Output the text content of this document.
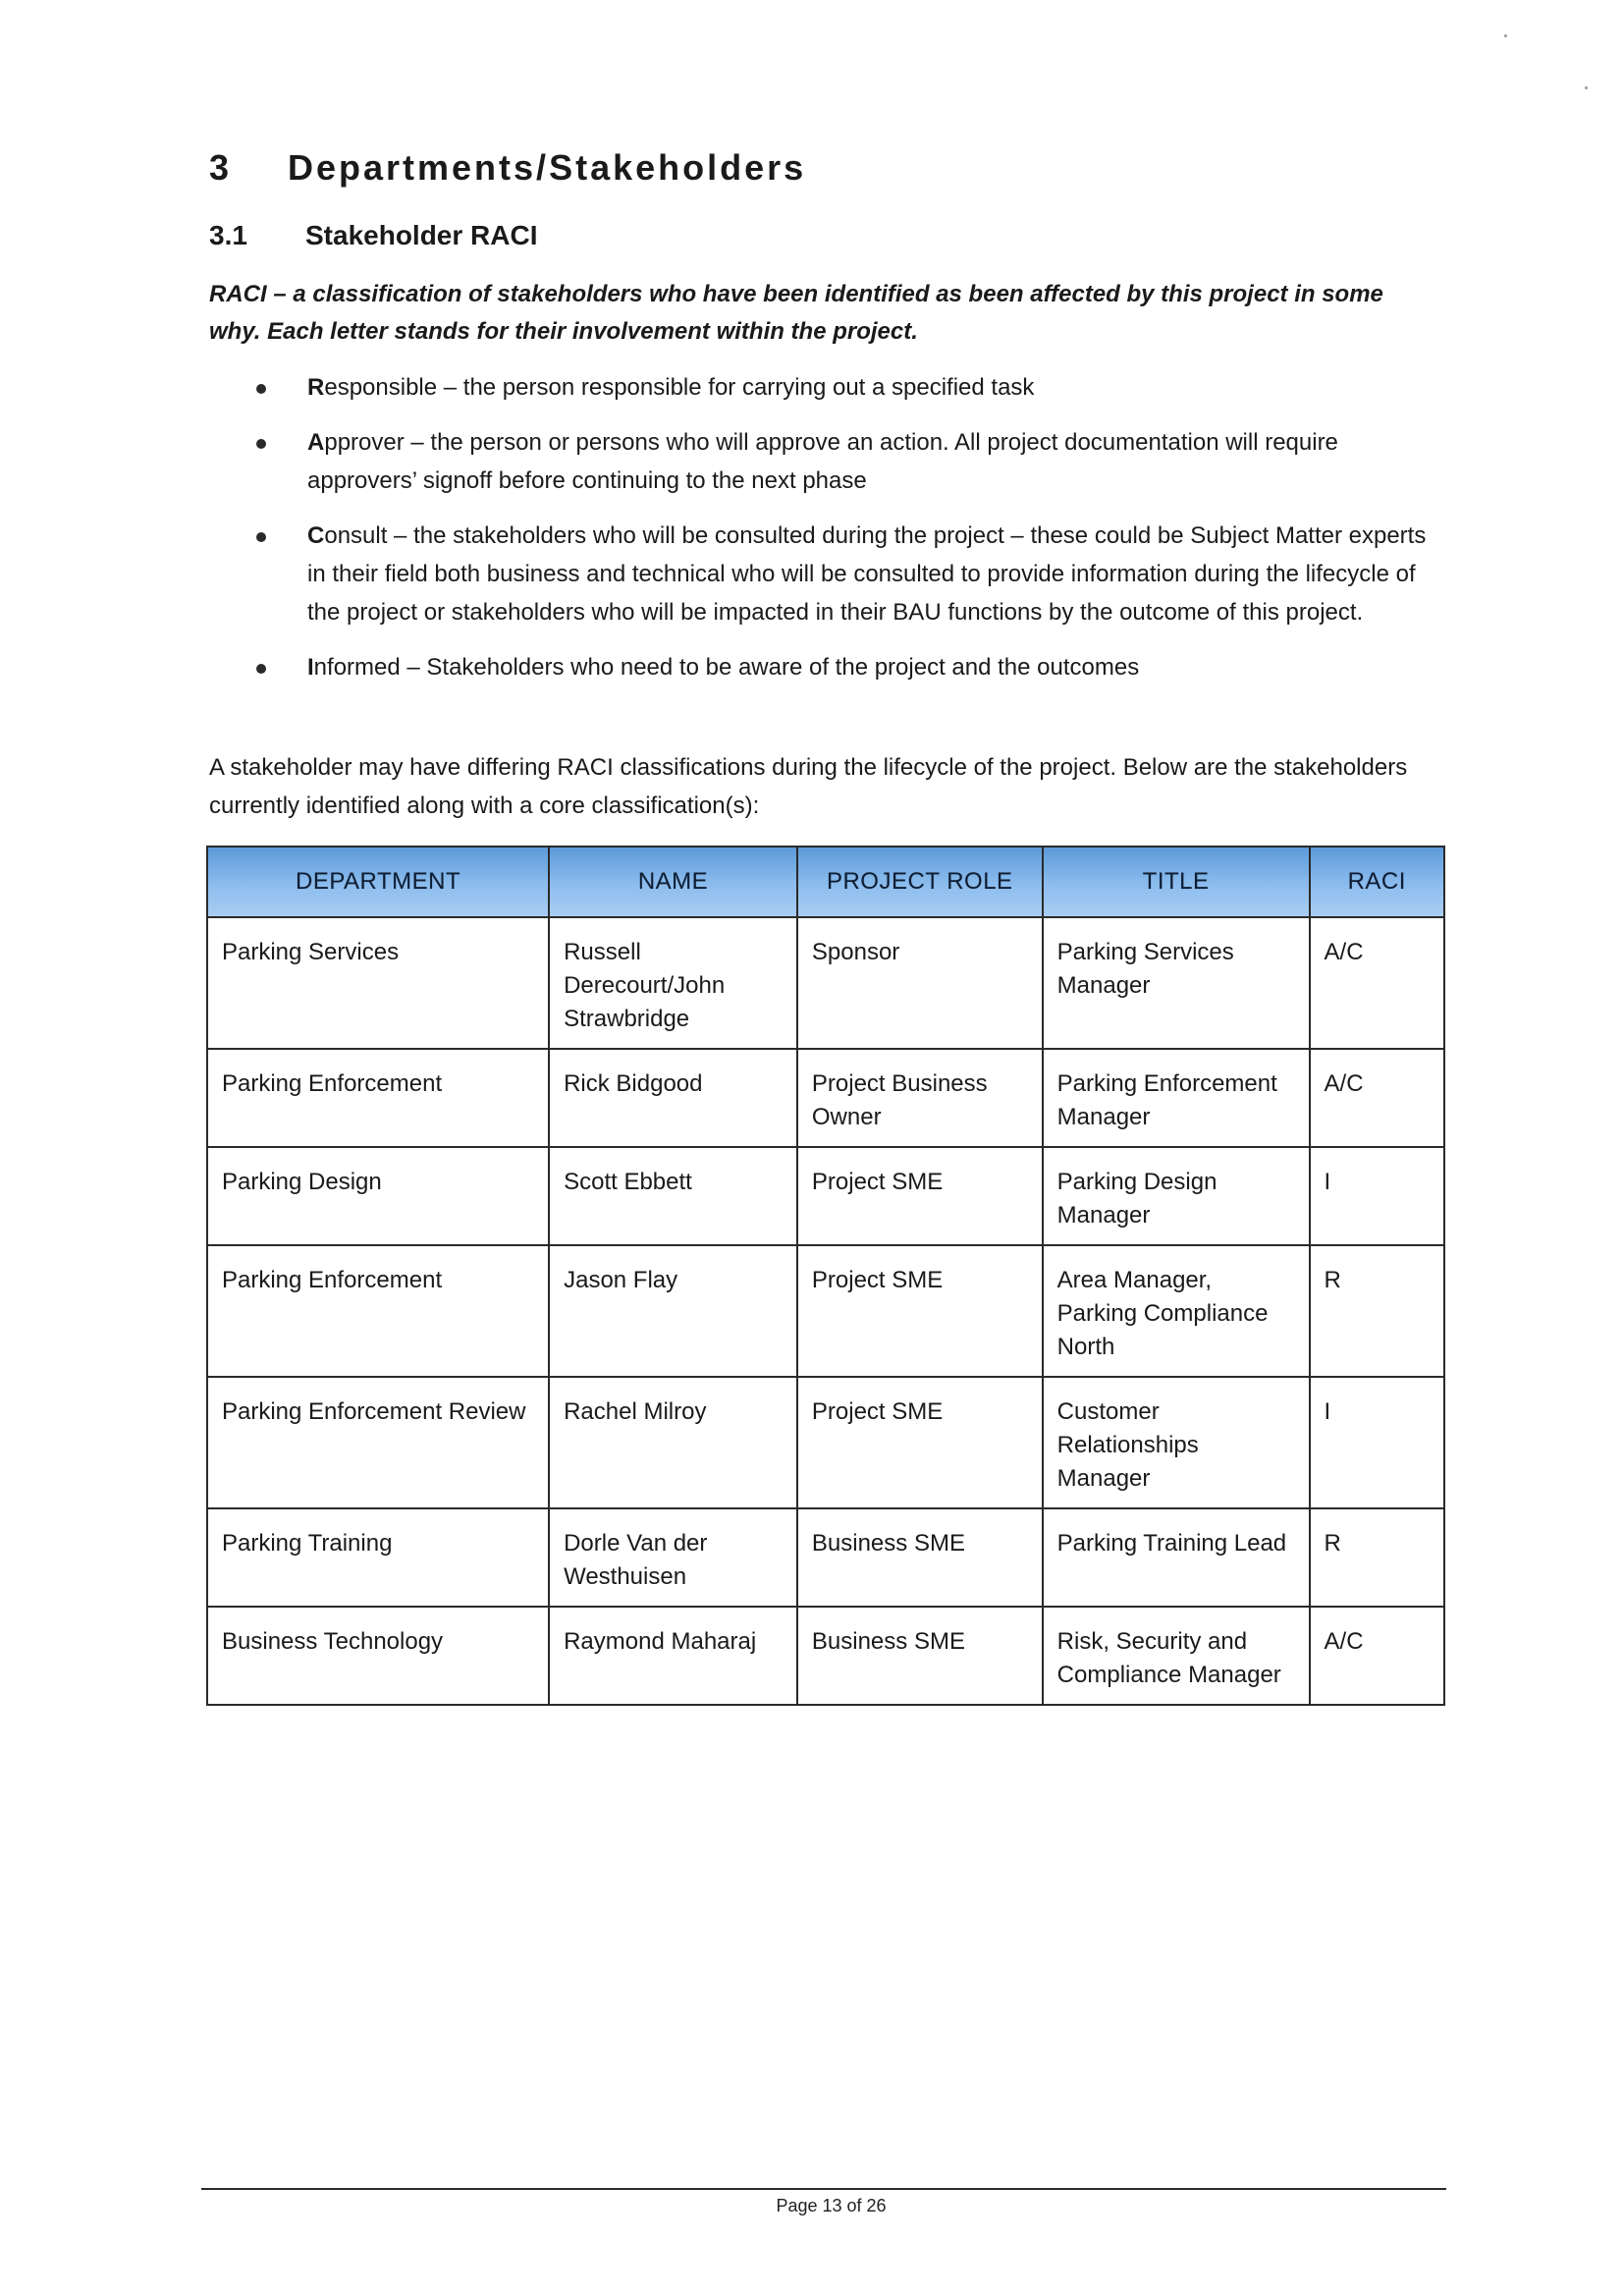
3	Departments/Stakeholders
3.1	Stakeholder RACI
RACI – a classification of stakeholders who have been identified as been affected by this project in some why. Each letter stands for their involvement within the project.
Responsible – the person responsible for carrying out a specified task
Approver – the person or persons who will approve an action. All project documentation will require approvers’ signoff before continuing to the next phase
Consult – the stakeholders who will be consulted during the project – these could be Subject Matter experts in their field both business and technical who will be consulted to provide information during the lifecycle of the project or stakeholders who will be impacted in their BAU functions by the outcome of this project.
Informed – Stakeholders who need to be aware of the project and the outcomes
A stakeholder may have differing RACI classifications during the lifecycle of the project. Below are the stakeholders currently identified along with a core classification(s):
DEPARTMENT	NAME	PROJECT ROLE	TITLE	RACI
Parking Services	Russell Derecourt/John Strawbridge	Sponsor	Parking Services Manager	A/C
Parking Enforcement	Rick Bidgood	Project Business Owner	Parking Enforcement Manager	A/C
Parking Design	Scott Ebbett	Project SME	Parking Design Manager	I
Parking Enforcement	Jason Flay	Project SME	Area Manager, Parking Compliance North	R
Parking Enforcement Review	Rachel Milroy	Project SME	Customer Relationships Manager	I
Parking Training	Dorle Van der Westhuisen	Business SME	Parking Training Lead	R
Business Technology	Raymond Maharaj	Business SME	Risk, Security and Compliance Manager	A/C
Page 13 of 26
